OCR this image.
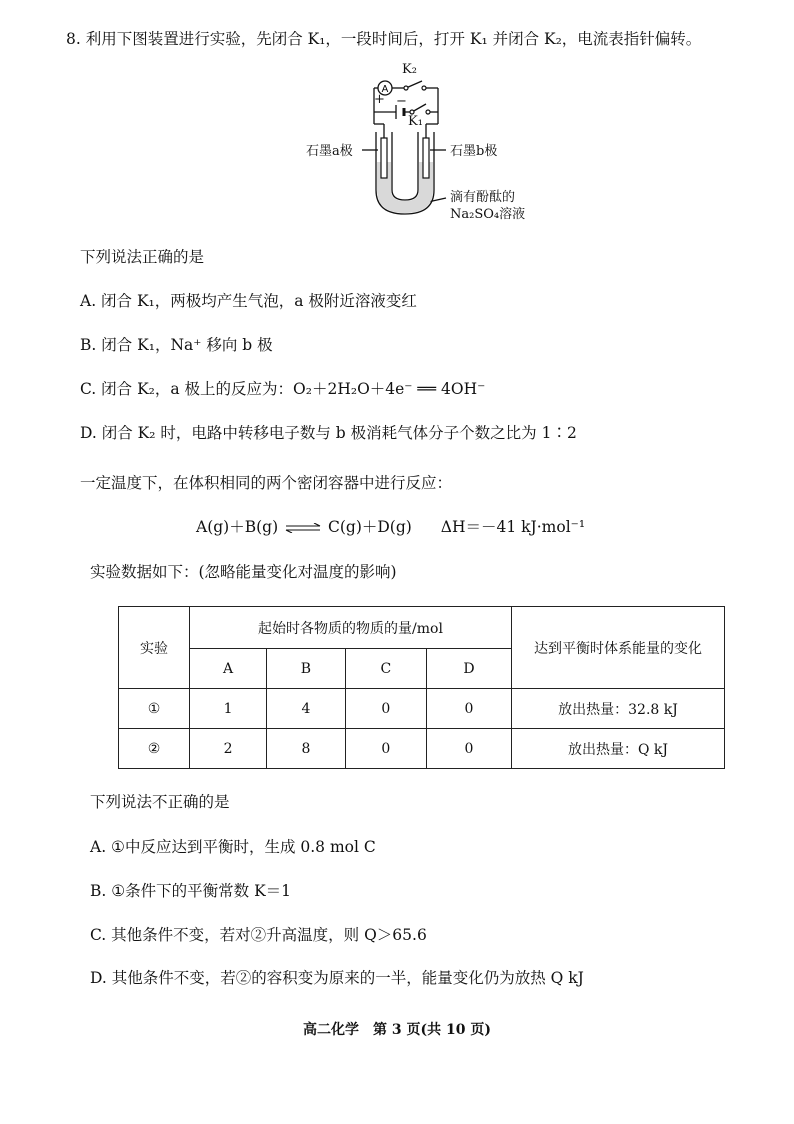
8. 利用下图装置进行实验，先闭合 K₁，一段时间后，打开 K₁ 并闭合 K₂，电流表指针偏转。
A
K₂
K₁
+ −
石墨a极	石墨b极
滴有酚酞的
Na₂SO₄溶液
下列说法正确的是
A. 闭合 K₁，两极均产生气泡，a 极附近溶液变红
B. 闭合 K₁，Na⁺ 移向 b 极
C. 闭合 K₂，a 极上的反应为：O₂＋2H₂O＋4e⁻ ══ 4OH⁻
D. 闭合 K₂ 时，电路中转移电子数与 b 极消耗气体分子个数之比为 1∶2
一定温度下，在体积相同的两个密闭容器中进行反应：
A(g)＋B(g) ⇌ C(g)＋D(g) ΔH＝－41 kJ·mol⁻¹
实验数据如下：(忽略能量变化对温度的影响)
实验	起始时各物质的物质的量/mol				达到平衡时体系能量的变化
	A	B	C	D	
①	1	4	0	0	放出热量：32.8 kJ
②	2	8	0	0	放出热量：Q kJ
下列说法不正确的是
A. ①中反应达到平衡时，生成 0.8 mol C
B. ①条件下的平衡常数 K＝1
C. 其他条件不变，若对②升高温度，则 Q＞65.6
D. 其他条件不变，若②的容积变为原来的一半，能量变化仍为放热 Q kJ
高二化学　第 3 页(共 10 页)
